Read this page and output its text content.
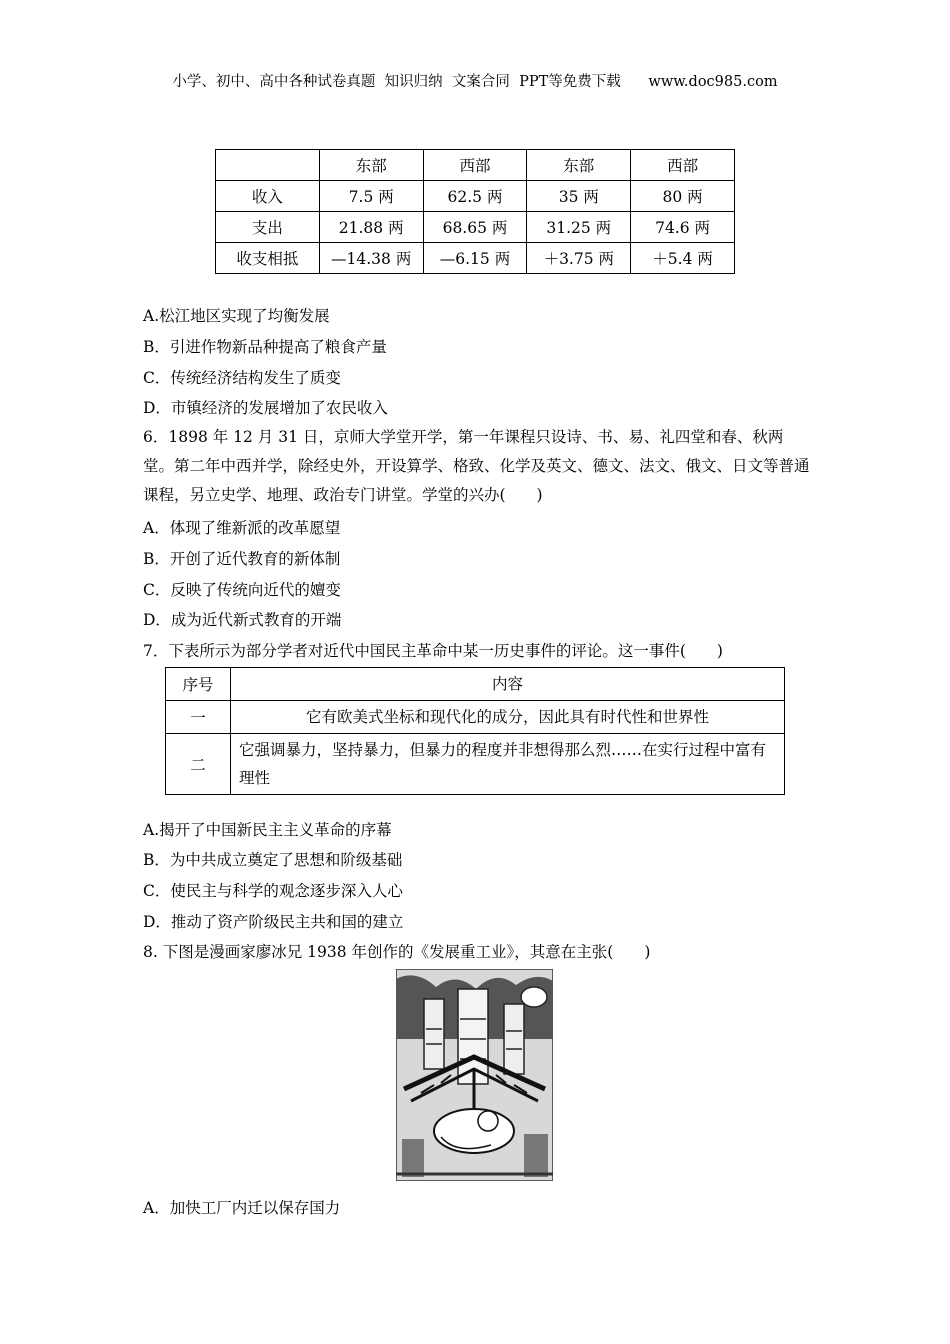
小学、初中、高中各种试卷真题  知识归纳  文案合同  PPT等免费下载      www.doc985.com
	东部	西部	东部	西部
收入	7.5 两	62.5 两	35 两	80 两
支出	21.88 两	68.65 两	31.25 两	74.6 两
收支相抵	—14.38 两	—6.15 两	＋3.75 两	＋5.4 两
A.松江地区实现了均衡发展
B．引进作物新品种提高了粮食产量
C．传统经济结构发生了质变
D．市镇经济的发展增加了农民收入
6．1898 年 12 月 31 日，京师大学堂开学，第一年课程只设诗、书、易、礼四堂和春、秋两堂。第二年中西并学，除经史外，开设算学、格致、化学及英文、德文、法文、俄文、日文等普通课程，另立史学、地理、政治专门讲堂。学堂的兴办(　　)
A．体现了维新派的改革愿望
B．开创了近代教育的新体制
C．反映了传统向近代的嬗变
D．成为近代新式教育的开端
7．下表所示为部分学者对近代中国民主革命中某一历史事件的评论。这一事件(　　)
序号	内容
一	它有欧美式坐标和现代化的成分，因此具有时代性和世界性
二	它强调暴力，坚持暴力，但暴力的程度并非想得那么烈……在实行过程中富有理性
A.揭开了中国新民主主义革命的序幕
B．为中共成立奠定了思想和阶级基础
C．使民主与科学的观念逐步深入人心
D．推动了资产阶级民主共和国的建立
8. 下图是漫画家廖冰兄 1938 年创作的《发展重工业》，其意在主张(　　)
A．加快工厂内迁以保存国力
